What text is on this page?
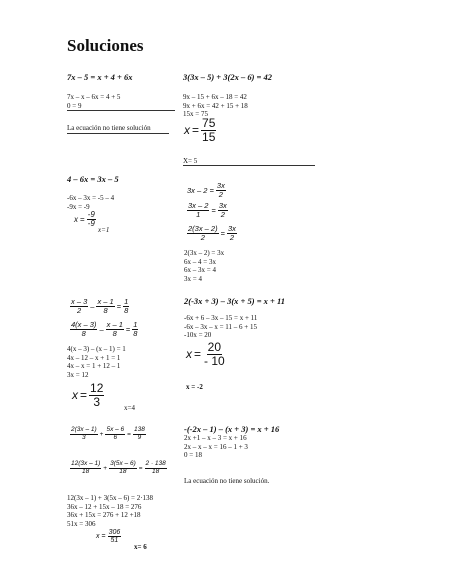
Soluciones
7x – 5 = x + 4 + 6x
7x – x – 6x = 4 + 5
0 = 9
La ecuación no tiene solución
3(3x – 5) + 3(2x – 6) = 42
9x – 15 + 6x – 18 = 42
9x + 6x = 42 + 15 + 18
15x = 75
$x = \frac{75}{15}$
X= 5
4 – 6x = 3x – 5
-6x – 3x = -5 – 4
-9x = -9
$x = \frac{-9}{-9}$
x=1
$3x - 2 = \frac{3x}{2}$
$\frac{3x - 2}{1} = \frac{3x}{2}$
$\frac{2(3x - 2)}{2} = \frac{3x}{2}$
2(3x – 2) = 3x
6x – 4 = 3x
6x – 3x = 4
3x = 4
$\frac{x - 3}{2} - \frac{x - 1}{8} = \frac{1}{8}$
$\frac{4(x - 3)}{8} - \frac{x - 1}{8} = \frac{1}{8}$
4(x – 3) – (x – 1) = 1
4x – 12 – x + 1 = 1
4x – x = 1 + 12 – 1
3x = 12
$x = \frac{12}{3}$	x=4
2(-3x + 3) – 3(x + 5) = x + 11
-6x + 6 – 3x – 15 = x + 11
-6x – 3x – x = 11 – 6 + 15
-10x = 20
$x = \frac{20}{- 10}$
x = -2
$\frac{2(3x - 1)}{3} + \frac{5x - 6}{6} = \frac{138}{9}$
$\frac{12(3x - 1)}{18} + \frac{3(5x - 6)}{18} = \frac{2 \cdot 138}{18}$
12(3x – 1) + 3(5x – 6) = 2·138
36x – 12 + 15x – 18 = 276
36x + 15x = 276 + 12 +18
51x = 306
$x = \frac{306}{51}$
x= 6
-(-2x – 1) – (x + 3) = x + 16
2x +1 – x – 3 = x + 16
2x – x – x = 16 – 1 + 3
0 = 18
La ecuación no tiene solución.
